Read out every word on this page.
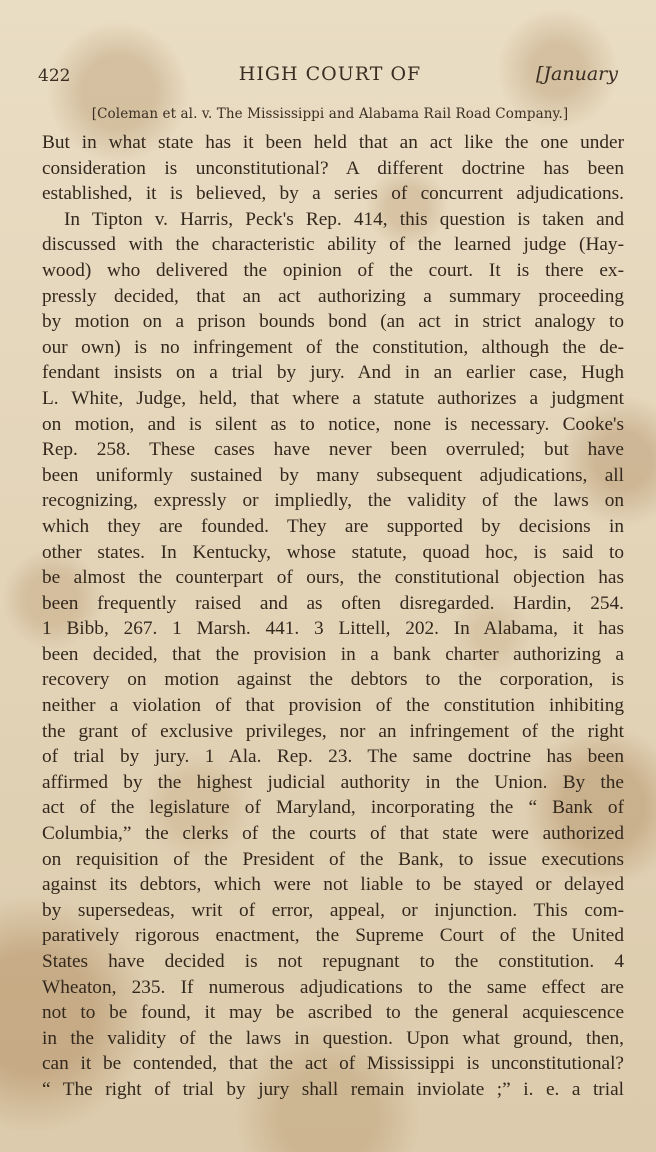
422	HIGH COURT OF	[January
[Coleman et al. v. The Mississippi and Alabama Rail Road Company.]
But in what state has it been held that an act like the one under
consideration is unconstitutional? A different doctrine has been
established, it is believed, by a series of concurrent adjudications.
In Tipton v. Harris, Peck's Rep. 414, this question is taken and
discussed with the characteristic ability of the learned judge (Hay-
wood) who delivered the opinion of the court. It is there ex-
pressly decided, that an act authorizing a summary proceeding
by motion on a prison bounds bond (an act in strict analogy to
our own) is no infringement of the constitution, although the de-
fendant insists on a trial by jury. And in an earlier case, Hugh
L. White, Judge, held, that where a statute authorizes a judgment
on motion, and is silent as to notice, none is necessary. Cooke's
Rep. 258. These cases have never been overruled; but have
been uniformly sustained by many subsequent adjudications, all
recognizing, expressly or impliedly, the validity of the laws on
which they are founded. They are supported by decisions in
other states. In Kentucky, whose statute, quoad hoc, is said to
be almost the counterpart of ours, the constitutional objection has
been frequently raised and as often disregarded. Hardin, 254.
1 Bibb, 267. 1 Marsh. 441. 3 Littell, 202. In Alabama, it has
been decided, that the provision in a bank charter authorizing a
recovery on motion against the debtors to the corporation, is
neither a violation of that provision of the constitution inhibiting
the grant of exclusive privileges, nor an infringement of the right
of trial by jury. 1 Ala. Rep. 23. The same doctrine has been
affirmed by the highest judicial authority in the Union. By the
act of the legislature of Maryland, incorporating the “ Bank of
Columbia,” the clerks of the courts of that state were authorized
on requisition of the President of the Bank, to issue executions
against its debtors, which were not liable to be stayed or delayed
by supersedeas, writ of error, appeal, or injunction. This com-
paratively rigorous enactment, the Supreme Court of the United
States have decided is not repugnant to the constitution. 4
Wheaton, 235. If numerous adjudications to the same effect are
not to be found, it may be ascribed to the general acquiescence
in the validity of the laws in question. Upon what ground, then,
can it be contended, that the act of Mississippi is unconstitutional?
“ The right of trial by jury shall remain inviolate ;” i. e. a trial
